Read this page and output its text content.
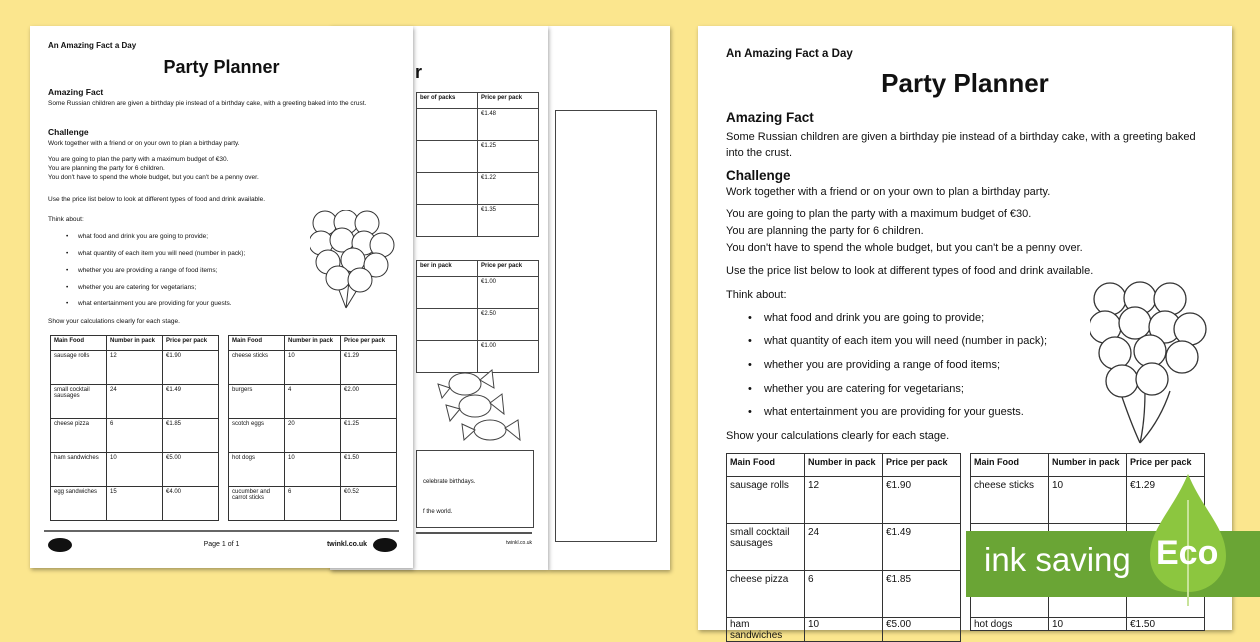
r
ber of packs	Price per pack
	€1.48
	€1.25
	€1.22
	€1.35
ber in pack	Price per pack
	€1.00
	€2.50
	€1.00
celebrate birthdays.
f the world.
twinkl.co.uk
An Amazing Fact a Day
Party Planner
Amazing Fact
Some Russian children are given a birthday pie instead of a birthday cake, with a greeting baked into the crust.
Challenge
Work together with a friend or on your own to plan a birthday party.
You are going to plan the party with a maximum budget of €30.
You are planning the party for 6 children.
You don't have to spend the whole budget, but you can't be a penny over.
Use the price list below to look at different types of food and drink available.
Think about:
• what food and drink you are going to provide;
• what quantity of each item you will need (number in pack);
• whether you are providing a range of food items;
• whether you are catering for vegetarians;
• what entertainment you are providing for your guests.
Show your calculations clearly for each stage.
Main Food	Number in pack	Price per pack
sausage rolls	12	€1.90
small cocktail sausages	24	€1.49
cheese pizza	6	€1.85
ham sandwiches	10	€5.00
egg sandwiches	15	€4.00
Main Food	Number in pack	Price per pack
cheese sticks	10	€1.29
burgers	4	€2.00
scotch eggs	20	€1.25
hot dogs	10	€1.50
cucumber and carrot sticks	6	€0.52
Page 1 of 1	twinkl.co.uk
An Amazing Fact a Day
Party Planner
Amazing Fact
Some Russian children are given a birthday pie instead of a birthday cake, with a greeting baked into the crust.
Challenge
Work together with a friend or on your own to plan a birthday party.
You are going to plan the party with a maximum budget of €30.
You are planning the party for 6 children.
You don't have to spend the whole budget, but you can't be a penny over.
Use the price list below to look at different types of food and drink available.
Think about:
• what food and drink you are going to provide;
• what quantity of each item you will need (number in pack);
• whether you are providing a range of food items;
• whether you are catering for vegetarians;
• what entertainment you are providing for your guests.
Show your calculations clearly for each stage.
Main Food	Number in pack	Price per pack
sausage rolls	12	€1.90
small cocktail sausages	24	€1.49
cheese pizza	6	€1.85
ham sandwiches	10	€5.00
Main Food	Number in pack	Price per pack
cheese sticks	10	€1.29

hot dogs	10	€1.50
ink saving Eco
